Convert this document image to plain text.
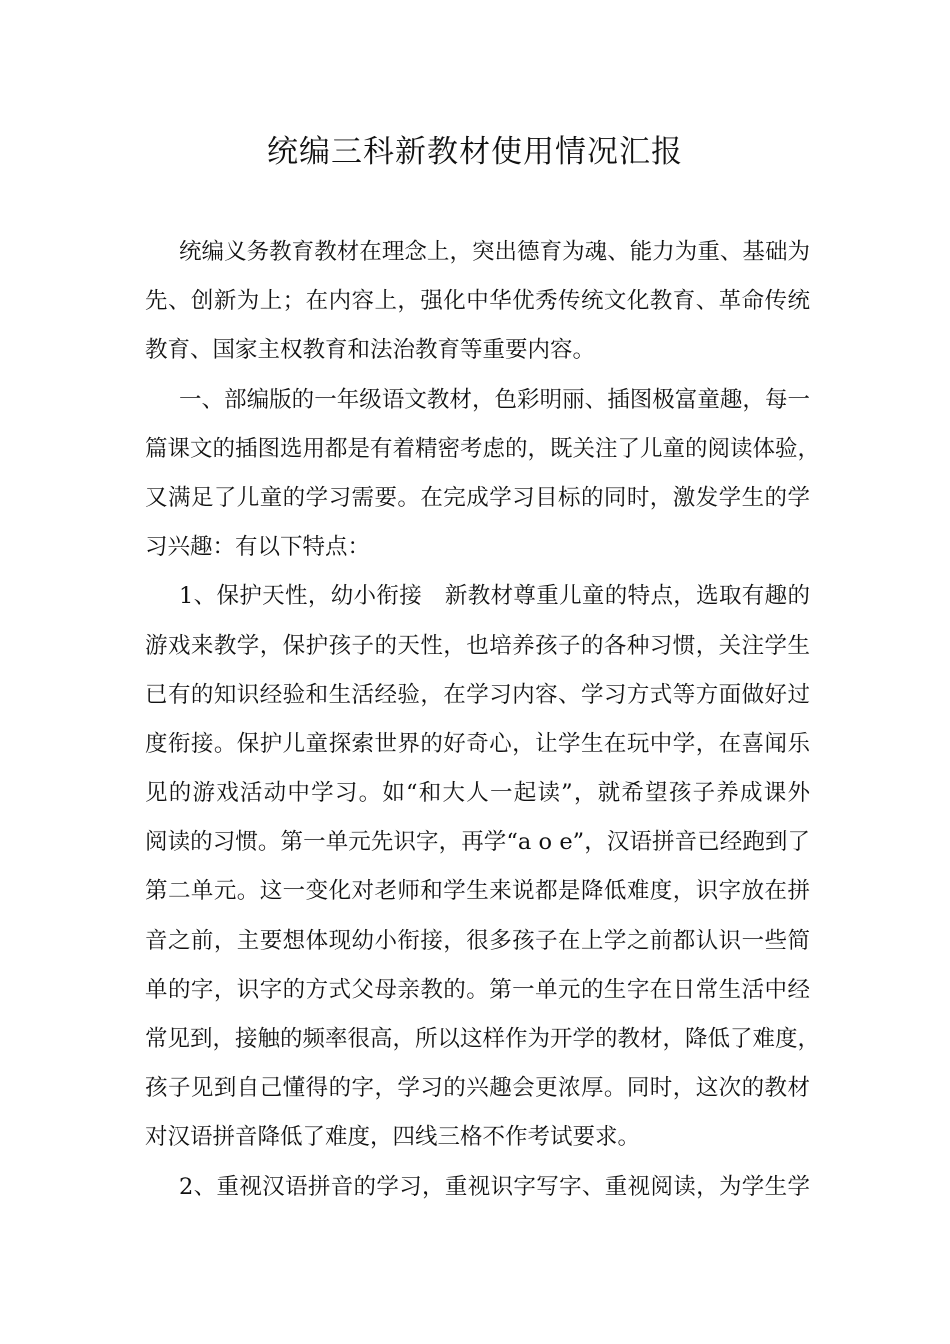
统编三科新教材使用情况汇报
统编义务教育教材在理念上，突出德育为魂、能力为重、基础为
先、创新为上；在内容上，强化中华优秀传统文化教育、革命传统
教育、国家主权教育和法治教育等重要内容。
一、部编版的一年级语文教材，色彩明丽、插图极富童趣，每一
篇课文的插图选用都是有着精密考虑的，既关注了儿童的阅读体验，
又满足了儿童的学习需要。在完成学习目标的同时，激发学生的学
习兴趣：有以下特点：
1、保护天性，幼小衔接　新教材尊重儿童的特点，选取有趣的
游戏来教学，保护孩子的天性，也培养孩子的各种习惯，关注学生
已有的知识经验和生活经验，在学习内容、学习方式等方面做好过
度衔接。保护儿童探索世界的好奇心，让学生在玩中学，在喜闻乐
见的游戏活动中学习。如“和大人一起读”，就希望孩子养成课外
阅读的习惯。第一单元先识字，再学“a o e”，汉语拼音已经跑到了
第二单元。这一变化对老师和学生来说都是降低难度，识字放在拼
音之前，主要想体现幼小衔接，很多孩子在上学之前都认识一些简
单的字，识字的方式父母亲教的。第一单元的生字在日常生活中经
常见到，接触的频率很高，所以这样作为开学的教材，降低了难度，
孩子见到自己懂得的字，学习的兴趣会更浓厚。同时，这次的教材
对汉语拼音降低了难度，四线三格不作考试要求。
2、重视汉语拼音的学习，重视识字写字、重视阅读，为学生学
